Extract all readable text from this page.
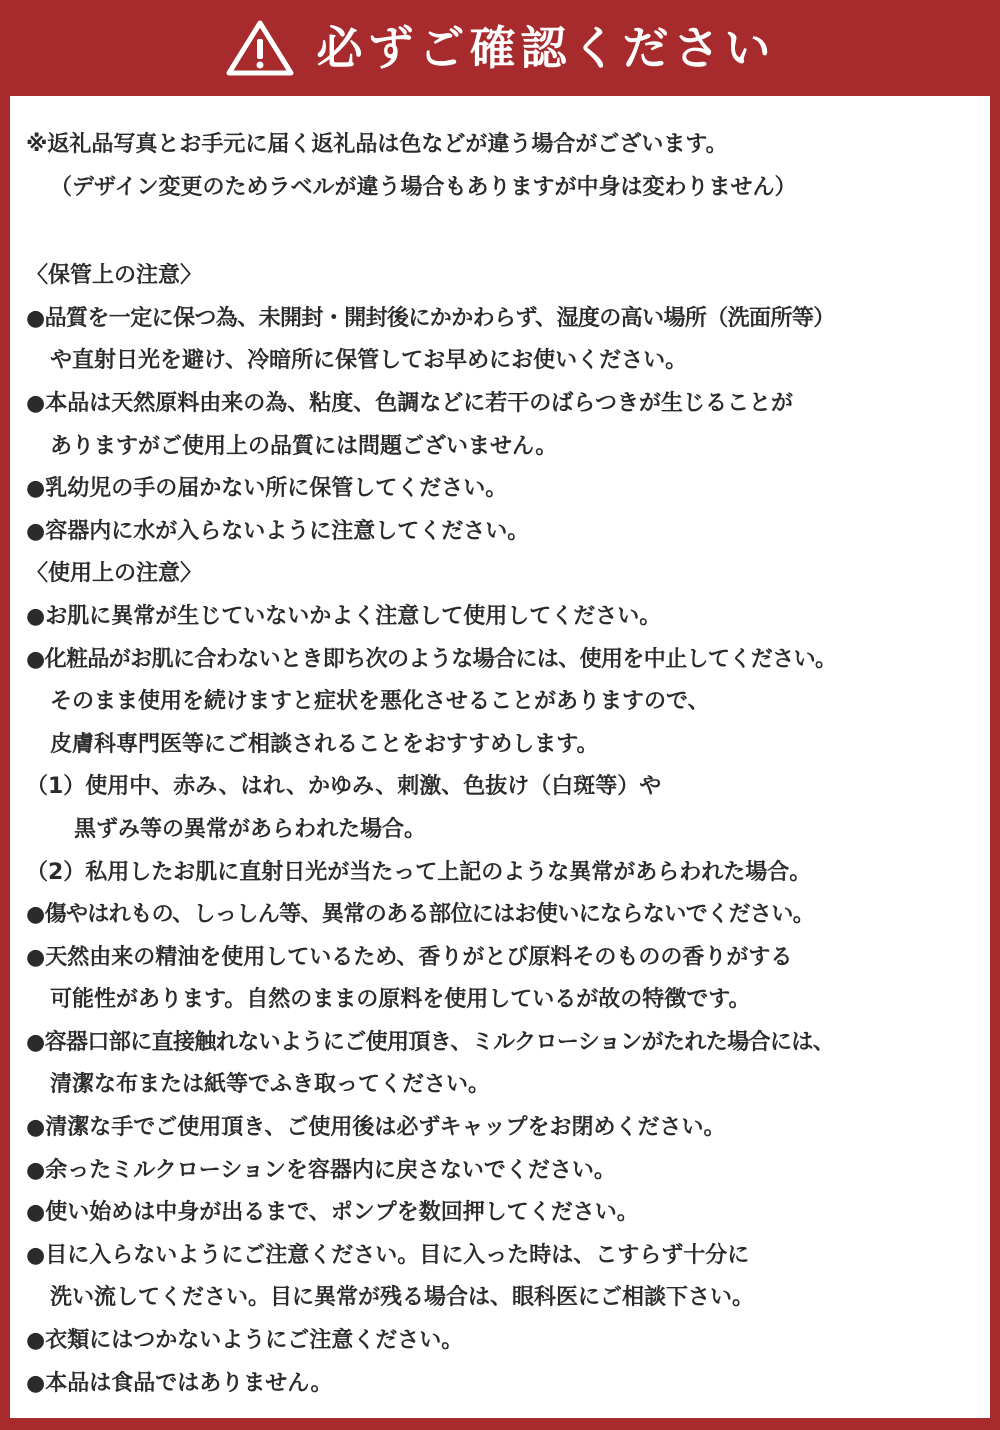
必ずご確認ください
※返礼品写真とお手元に届く返礼品は色などが違う場合がございます。
（デザイン変更のためラベルが違う場合もありますが中身は変わりません）
〈保管上の注意〉
●品質を一定に保つ為、未開封・開封後にかかわらず、湿度の高い場所（洗面所等）
や直射日光を避け、冷暗所に保管してお早めにお使いください。
●本品は天然原料由来の為、粘度、色調などに若干のばらつきが生じることが
ありますがご使用上の品質には問題ございません。
●乳幼児の手の届かない所に保管してください。
●容器内に水が入らないように注意してください。
〈使用上の注意〉
●お肌に異常が生じていないかよく注意して使用してください。
●化粧品がお肌に合わないとき即ち次のような場合には、使用を中止してください。
そのまま使用を続けますと症状を悪化させることがありますので、
皮膚科専門医等にご相談されることをおすすめします。
（1）使用中、赤み、はれ、かゆみ、刺激、色抜け（白斑等）や
黒ずみ等の異常があらわれた場合。
（2）私用したお肌に直射日光が当たって上記のような異常があらわれた場合。
●傷やはれもの、しっしん等、異常のある部位にはお使いにならないでください。
●天然由来の精油を使用しているため、香りがとび原料そのものの香りがする
可能性があります。自然のままの原料を使用しているが故の特徴です。
●容器口部に直接触れないようにご使用頂き、ミルクローションがたれた場合には、
清潔な布または紙等でふき取ってください。
●清潔な手でご使用頂き、ご使用後は必ずキャップをお閉めください。
●余ったミルクローションを容器内に戻さないでください。
●使い始めは中身が出るまで、ポンプを数回押してください。
●目に入らないようにご注意ください。目に入った時は、こすらず十分に
洗い流してください。目に異常が残る場合は、眼科医にご相談下さい。
●衣類にはつかないようにご注意ください。
●本品は食品ではありません。
